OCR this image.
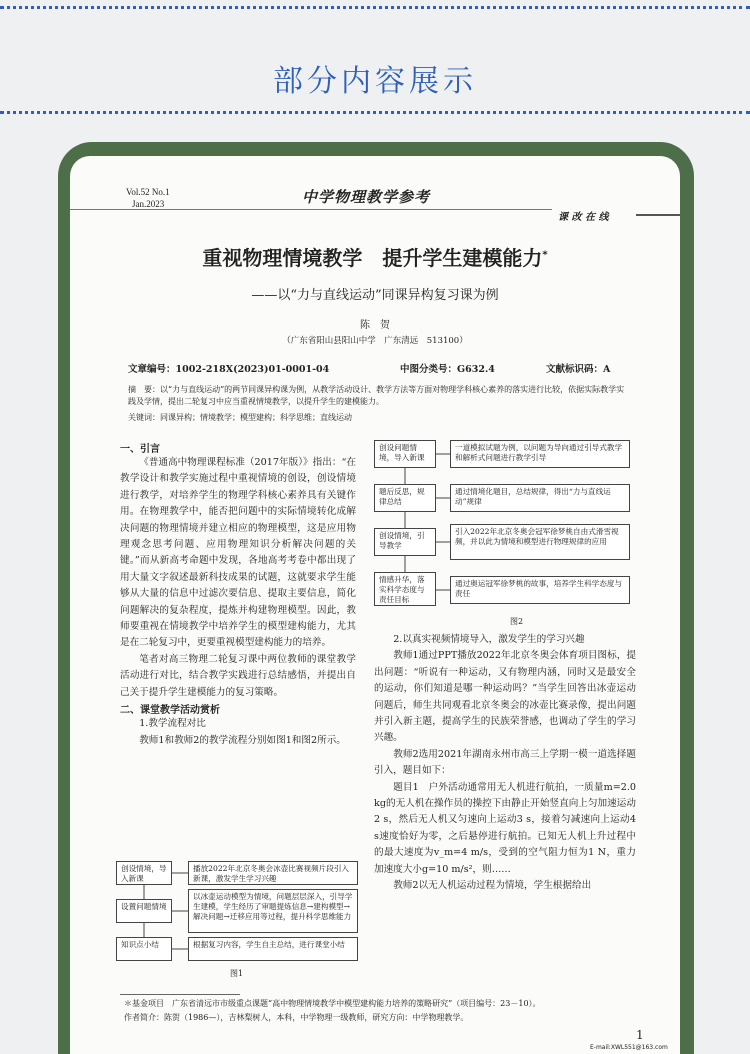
部分内容展示
Vol.52 No.1
Jan.2023	中学物理教学参考
课 改 在 线
重视物理情境教学　提升学生建模能力*
——以“力与直线运动”同课异构复习课为例
陈　贺
（广东省阳山县阳山中学　广东清远　513100）
文章编号：1002-218X(2023)01-0001-04	中图分类号：G632.4	文献标识码：A
摘　要：以“力与直线运动”的两节同课异构课为例，从教学活动设计、教学方法等方面对物理学科核心素养的落实进行比较，依据实际教学实践及学情，提出二轮复习中应当重视情境教学，以提升学生的建模能力。
关键词：同课异构；情境教学；模型建构；科学思维；直线运动
一、引言

《普通高中物理课程标准（2017年版）》指出：“在教学设计和教学实施过程中重视情境的创设，创设情境进行教学，对培养学生的物理学科核心素养具有关键作用。在物理教学中，能否把问题中的实际情境转化成解决问题的物理情境并建立相应的物理模型，这是应用物理观念思考问题、应用物理知识分析解决问题的关键。”而从新高考命题中发现，各地高考考卷中都出现了用大量文字叙述最新科技成果的试题，这就要求学生能够从大量的信息中过滤次要信息、提取主要信息，简化问题解决的复杂程度，提炼并构建物理模型。因此，教师要重视在情境教学中培养学生的模型建构能力，尤其是在二轮复习中，更要重视模型建构能力的培养。

笔者对高三物理二轮复习课中两位教师的课堂教学活动进行对比，结合教学实践进行总结感悟，并提出自己关于提升学生建模能力的复习策略。

二、课堂教学活动赏析
1.教学流程对比

教师1和教师2的教学流程分别如图1和图2所示。

创设情境，导入新课
设置问题情境
知识点小结
播放2022年北京冬奥会冰壶比赛视频片段引入新课，激发学生学习兴趣
以冰壶运动模型为情境，问题层层深入，引导学生建模，学生经历了审题提炼信息→建构模型→解决问题→迁移应用等过程，提升科学思维能力
根据复习内容，学生自主总结，进行课堂小结
图1
创设问题情境，导入新课
题后反思，规律总结
创设情境，引导教学
情感升华，落实科学态度与责任目标
一道模拟试题为例，以问题为导向通过引导式教学和解析式问题进行教学引导
通过情境化题目，总结规律，得出“力与直线运动”规律
引入2022年北京冬奥会冠军徐梦桃自由式滑雪视频，并以此为情境和模型进行物理规律的应用
通过奥运冠军徐梦桃的故事，培养学生科学态度与责任
图2
2.以真实视频情境导入，激发学生的学习兴趣

教师1通过PPT播放2022年北京冬奥会体育项目图标，提出问题：“听说有一种运动，又有物理内涵，同时又是最安全的运动，你们知道是哪一种运动吗？”当学生回答出冰壶运动问题后，师生共同观看北京冬奥会的冰壶比赛录像，提出问题并引入新主题，提高学生的民族荣誉感，也调动了学生的学习兴趣。

教师2选用2021年湖南永州市高三上学期一模一道选择题引入，题目如下：

题目1　户外活动通常用无人机进行航拍，一质量m=2.0 kg的无人机在操作员的操控下由静止开始竖直向上匀加速运动2 s，然后无人机又匀速向上运动3 s，接着匀减速向上运动4 s速度恰好为零，之后悬停进行航拍。已知无人机上升过程中的最大速度为v_m=4 m/s，受到的空气阻力恒为1 N，重力加速度大小g=10 m/s²，则……

教师2以无人机运动过程为情境，学生根据给出

＊基金项目　广东省清远市市级重点课题“高中物理情境教学中模型建构能力培养的策略研究”（项目编号：23－10）。
作者简介：陈贺（1986—），吉林梨树人，本科，中学物理一级教师，研究方向：中学物理教学。
1
E-mail:XWL551@163.com
